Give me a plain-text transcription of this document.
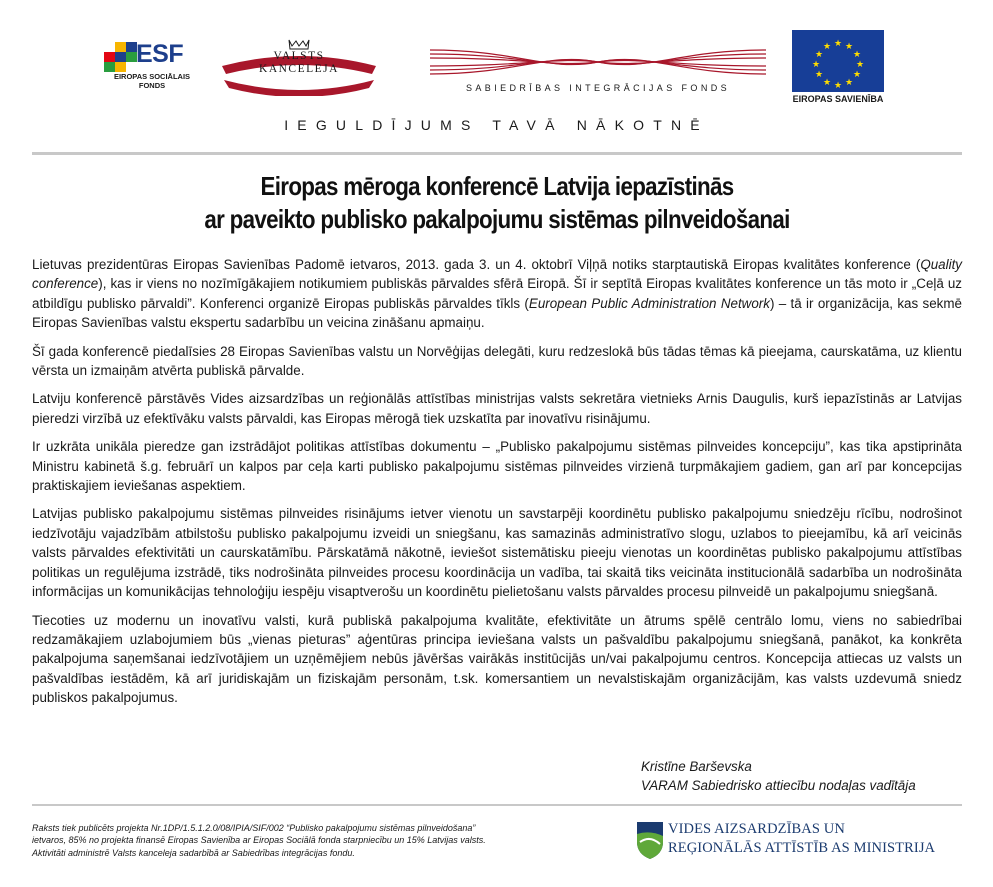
ESF
EIROPAS SOCIĀLAIS
FONDS
VALSTS
KANCELEJA
SABIEDRĪBAS INTEGRĀCIJAS FONDS
★ ★
★
★
★
★
★
★
★
★
★
★
EIROPAS SAVIENĪBA
IEGULDĪJUMS TAVĀ NĀKOTNĒ
Eiropas mēroga konferencē Latvija iepazīstinās
ar paveikto publisko pakalpojumu sistēmas pilnveidošanai

Lietuvas prezidentūras Eiropas Savienības Padomē ietvaros, 2013. gada 3. un 4. oktobrī Viļņā notiks starptautiskā Eiropas kvalitātes konference (Quality conference), kas ir viens no nozīmīgākajiem notikumiem publiskās pārvaldes sfērā Eiropā. Šī ir septītā Eiropas kvalitātes konference un tās moto ir „Ceļā uz atbildīgu publisko pārvaldi”. Konferenci organizē Eiropas publiskās pārvaldes tīkls (European Public Administration Network) – tā ir organizācija, kas sekmē Eiropas Savienības valstu ekspertu sadarbību un veicina zināšanu apmaiņu.

Šī gada konferencē piedalīsies 28 Eiropas Savienības valstu un Norvēģijas delegāti, kuru redzeslokā būs tādas tēmas kā pieejama, caurskatāma, uz klientu vērsta un izmaiņām atvērta publiskā pārvalde.

Latviju konferencē pārstāvēs Vides aizsardzības un reģionālās attīstības ministrijas valsts sekretāra vietnieks Arnis Daugulis, kurš iepazīstinās ar Latvijas pieredzi virzībā uz efektīvāku valsts pārvaldi, kas Eiropas mērogā tiek uzskatīta par inovatīvu risinājumu.

Ir uzkrāta unikāla pieredze gan izstrādājot politikas attīstības dokumentu – „Publisko pakalpojumu sistēmas pilnveides koncepciju”, kas tika apstiprināta Ministru kabinetā š.g. februārī un kalpos par ceļa karti publisko pakalpojumu sistēmas pilnveides virzienā turpmākajiem gadiem, gan arī par koncepcijas praktiskajiem ieviešanas aspektiem.

Latvijas publisko pakalpojumu sistēmas pilnveides risinājums ietver vienotu un savstarpēji koordinētu publisko pakalpojumu sniedzēju rīcību, nodrošinot iedzīvotāju vajadzībām atbilstošu publisko pakalpojumu izveidi un sniegšanu, kas samazinās administratīvo slogu, uzlabos to pieejamību, kā arī veicinās valsts pārvaldes efektivitāti un caurskatāmību. Pārskatāmā nākotnē, ieviešot sistemātisku pieeju vienotas un koordinētas publisko pakalpojumu attīstības politikas un regulējuma izstrādē, tiks nodrošināta pilnveides procesu koordinācija un vadība, tai skaitā tiks veicināta institucionālā sadarbība un nodrošināta informācijas un komunikācijas tehnoloģiju iespēju visaptverošu un koordinētu pielietošanu valsts pārvaldes procesu pilnveidē un pakalpojumu sniegšanā.

Tiecoties uz modernu un inovatīvu valsti, kurā publiskā pakalpojuma kvalitāte, efektivitāte un ātrums spēlē centrālo lomu, viens no sabiedrībai redzamākajiem uzlabojumiem būs „vienas pieturas” aģentūras principa ieviešana valsts un pašvaldību pakalpojumu sniegšanā, panākot, ka konkrēta pakalpojuma saņemšanai iedzīvotājiem un uzņēmējiem nebūs jāvēršas vairākās institūcijās un/vai pakalpojumu centros. Koncepcija attiecas uz valsts un pašvaldības iestādēm, kā arī juridiskajām un fiziskajām personām, t.sk. komersantiem un nevalstiskajām organizācijām, kas valsts uzdevumā sniedz publiskos pakalpojumus.

Kristīne Barševska
VARAM Sabiedrisko attiecību nodaļas vadītāja
Raksts tiek publicēts projekta Nr.1DP/1.5.1.2.0/08/IPIA/SIF/002 “Publisko pakalpojumu sistēmas pilnveidošana”
ietvaros, 85% no projekta finansē Eiropas Savienība ar Eiropas Sociālā fonda starpniecību un 15% Latvijas valsts.
Aktivitāti administrē Valsts kanceleja sadarbībā ar Sabiedrības integrācijas fondu.
VIDES AIZSARDZĪBAS UN
REĢIONĀLĀS ATTĪSTĪB AS MINISTRIJA
